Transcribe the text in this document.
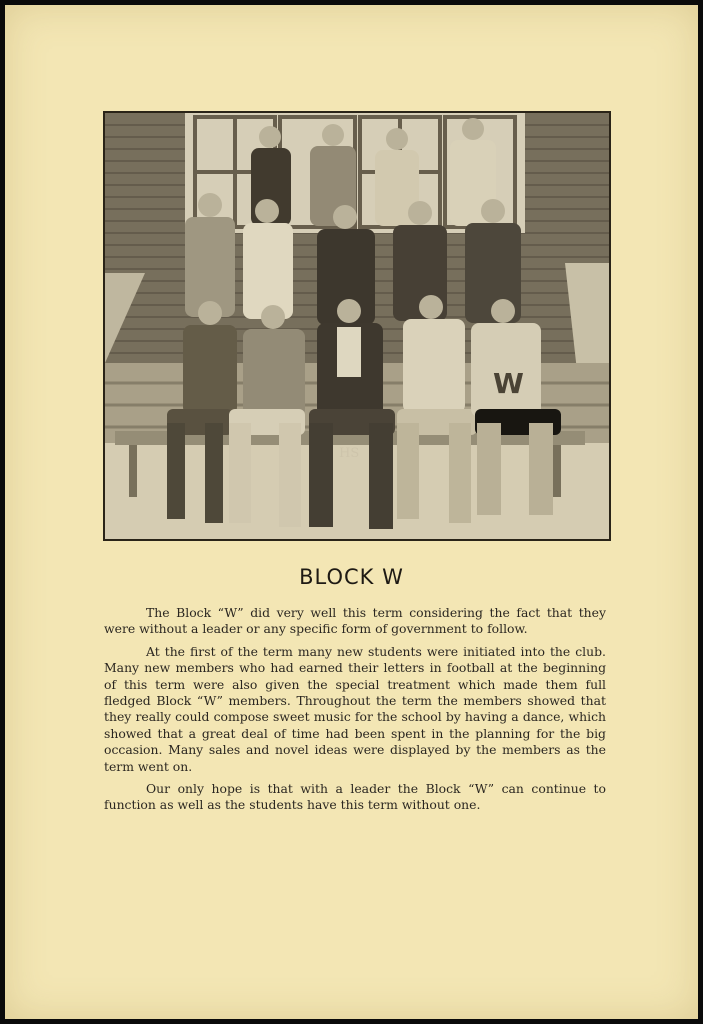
HS
W
BLOCK W

The Block “W” did very well this term considering the fact that they were without a leader or any specific form of government to follow.

At the first of the term many new students were initiated into the club. Many new members who had earned their letters in football at the beginning of this term were also given the special treatment which made them full fledged Block “W” members. Throughout the term the members showed that they really could compose sweet music for the school by having a dance, which showed that a great deal of time had been spent in the planning for the big occasion. Many sales and novel ideas were displayed by the members as the term went on.

Our only hope is that with a leader the Block “W” can continue to function as well as the students have this term without one.
